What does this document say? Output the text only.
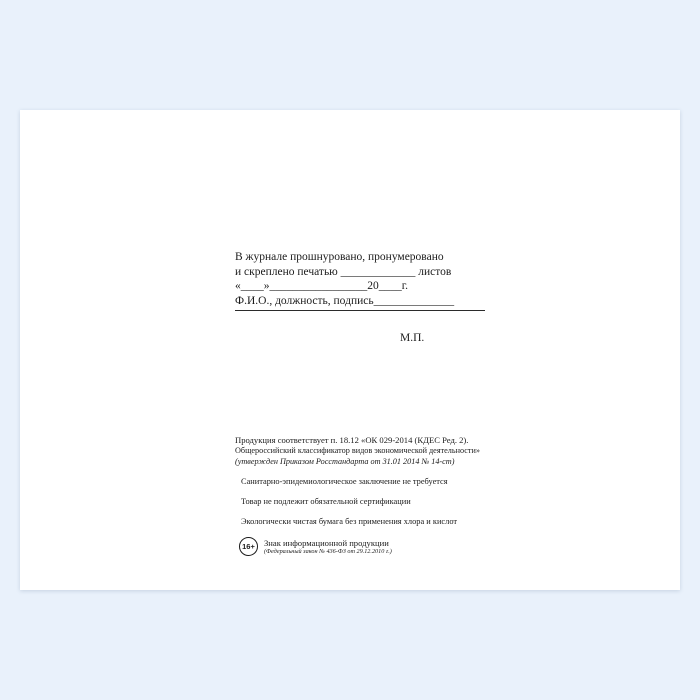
В журнале прошнуровано, пронумеровано
и скреплено печатью _____________ листов
«____»_________________20____г.
Ф.И.О., должность, подпись______________
М.П.
Продукция соответствует п. 18.12 «ОК 029-2014 (КДЕС Ред. 2).
Общероссийский классификатор видов экономической деятельности»
(утвержден Приказом Росстандарта от 31.01 2014 № 14-ст)
Санитарно-эпидемиологическое заключение не требуется
Товар не подлежит обязательной сертификации
Экологически чистая бумага без применения хлора и кислот
16+	Знак информационной продукции
(Федеральный закон № 436-ФЗ от 29.12.2010 г.)
